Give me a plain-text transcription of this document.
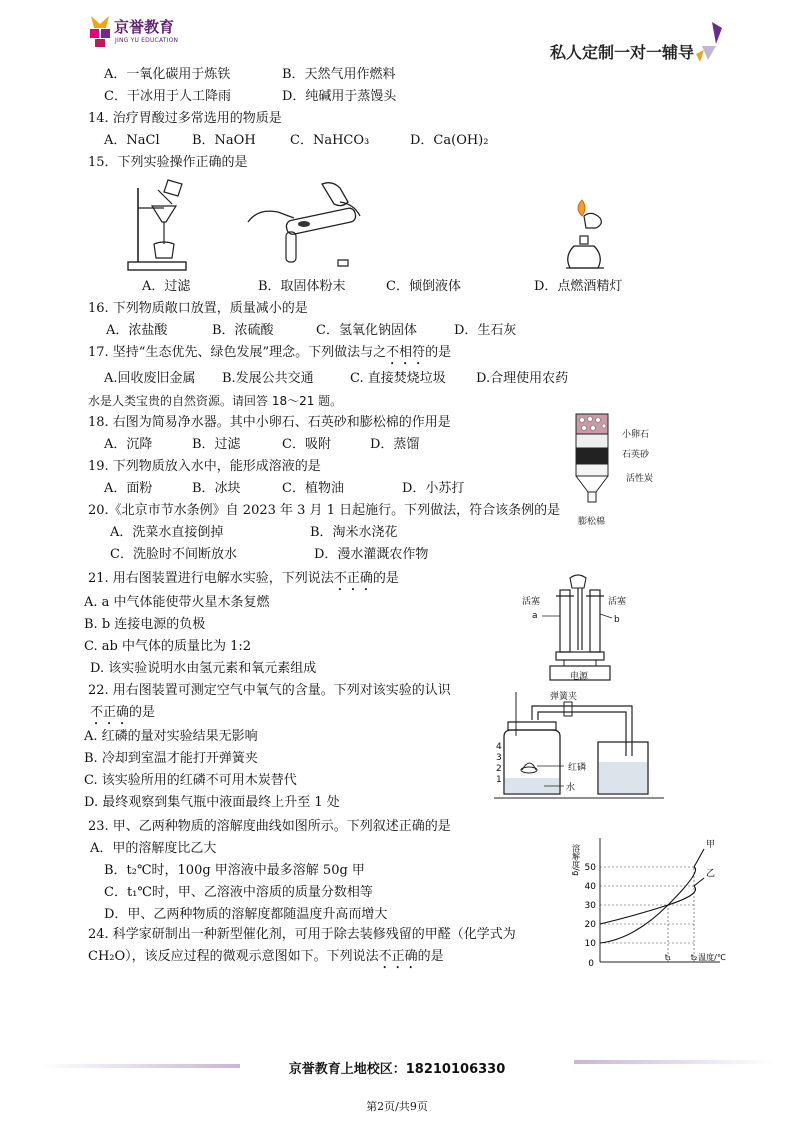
京誉教育
JING YU EDUCATION
私人定制一对一辅导
A．一氧化碳用于炼铁	B．天然气用作燃料
C．干冰用于人工降雨	D．纯碱用于蒸馒头
14. 治疗胃酸过多常选用的物质是
A．NaCl B．NaOH	C．NaHCO₃	D．Ca(OH)₂
15．下列实验操作正确的是
A．过滤	B．取固体粉末	C．倾倒液体	D．点燃酒精灯
16. 下列物质敞口放置，质量减小的是
A．浓盐酸	B．浓硫酸	C．氢氧化钠固体	D．生石灰
17. 坚持“生态优先、绿色发展”理念。下列做法与之不相符的是
A.回收废旧金属 B.发展公共交通	C. 直接焚烧垃圾 D.合理使用农药
水是人类宝贵的自然资源。请回答 18～21 题。
18. 右图为简易净水器。其中小卵石、石英砂和膨松棉的作用是
A．沉降	B．过滤	C．吸附	D．蒸馏
小卵石
石英砂
活性炭
膨松棉
19. 下列物质放入水中，能形成溶液的是
A．面粉	B．冰块	C．植物油	D．小苏打
20.《北京市节水条例》自 2023 年 3 月 1 日起施行。下列做法，符合该条例的是
A．洗菜水直接倒掉	B．淘米水浇花
C．洗脸时不间断放水	D．漫水灌溉农作物
21. 用右图装置进行电解水实验，下列说法不正确的是
A. a 中气体能使带火星木条复燃
B. b 连接电源的负极
C. ab 中气体的质量比为 1:2
D. 该实验说明水由氢元素和氧元素组成
活塞	活塞
a	b
电源
22. 用右图装置可测定空气中氧气的含量。下列对该实验的认识
不正确的是
A. 红磷的量对实验结果无影响
B. 冷却到室温才能打开弹簧夹
C. 该实验所用的红磷不可用木炭替代
D. 最终观察到集气瓶中液面最终上升至 1 处
弹簧夹
红磷
水
4
3
2
1
23. 甲、乙两种物质的溶解度曲线如图所示。下列叙述正确的是
A．甲的溶解度比乙大
B．t₂℃时，100g 甲溶液中最多溶解 50g 甲
C．t₁℃时，甲、乙溶液中溶质的质量分数相等
D．甲、乙两种物质的溶解度都随温度升高而增大
10
20
30
40
50
t₁ t₂
0
溶解度/g
温度/℃
甲
乙
24. 科学家研制出一种新型催化剂，可用于除去装修残留的甲醛（化学式为
CH₂O），该反应过程的微观示意图如下。下列说法不正确的是
京誉教育上地校区：18210106330
第2页/共9页
